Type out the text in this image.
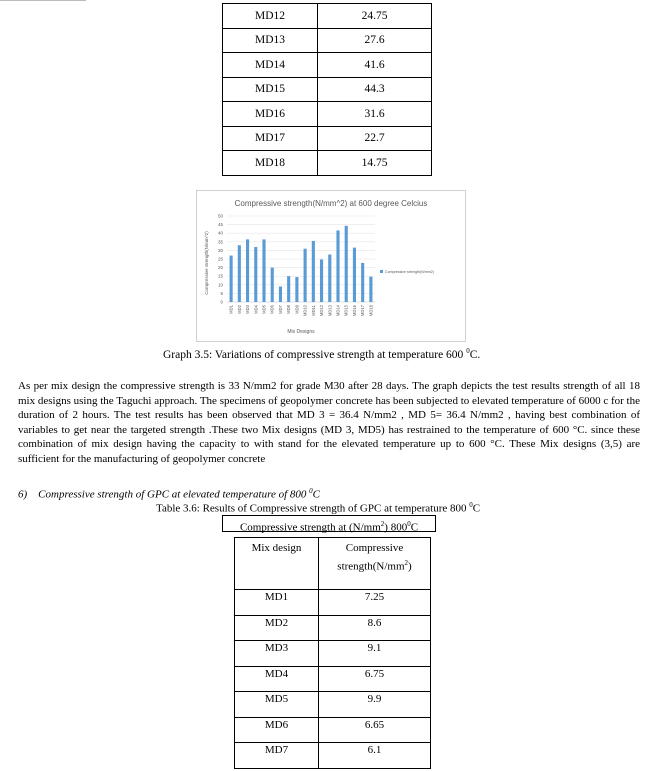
MD12	24.75
MD13	27.6
MD14	41.6
MD15	44.3
MD16	31.6
MD17	22.7
MD18	14.75
Compressive strength(N/mm^2) at 600 degree Celcius
0
5
10
15
20
25
30
35
40
45
50
MD1 MD2 MD3 MD4 MD5 MD6 MD7 MD8 MD9 MD10 MD11 MD12 MD13 MD14 MD15 MD16 MD17 MD18
Mix Designs
Compressive strength(N/mm^2)	Compressive strength(N/mm2)
Graph 3.5: Variations of compressive strength at temperature 600 $^0$C.
As per mix design the compressive strength is 33 N/mm2 for grade M30 after 28 days. The graph depicts the test results strength of all 18 mix designs using the Taguchi approach. The specimens of geopolymer concrete has been subjected to elevated temperature of 6000 c for the duration of 2 hours. The test results has been observed that MD 3 = 36.4 N/mm2 , MD 5= 36.4 N/mm2 , having best combination of variables to get near the targeted strength .These two Mix designs (MD 3, MD5) has restrained to the temperature of 600 °C. since these combination of mix design having the capacity to with stand for the elevated temperature up to 600 °C. These Mix designs (3,5) are sufficient for the manufacturing of geopolymer concrete
6) Compressive strength of GPC at elevated temperature of 800 $^0$C
Table 3.6: Results of Compressive strength of GPC at temperature 800 $^0$C
Compressive strength at $(N/mm^2)$ $800^0C$
Mix design	Compressive
$strength(N/mm^2)$
MD1	7.25
MD2	8.6
MD3	9.1
MD4	6.75
MD5	9.9
MD6	6.65
MD7	6.1
